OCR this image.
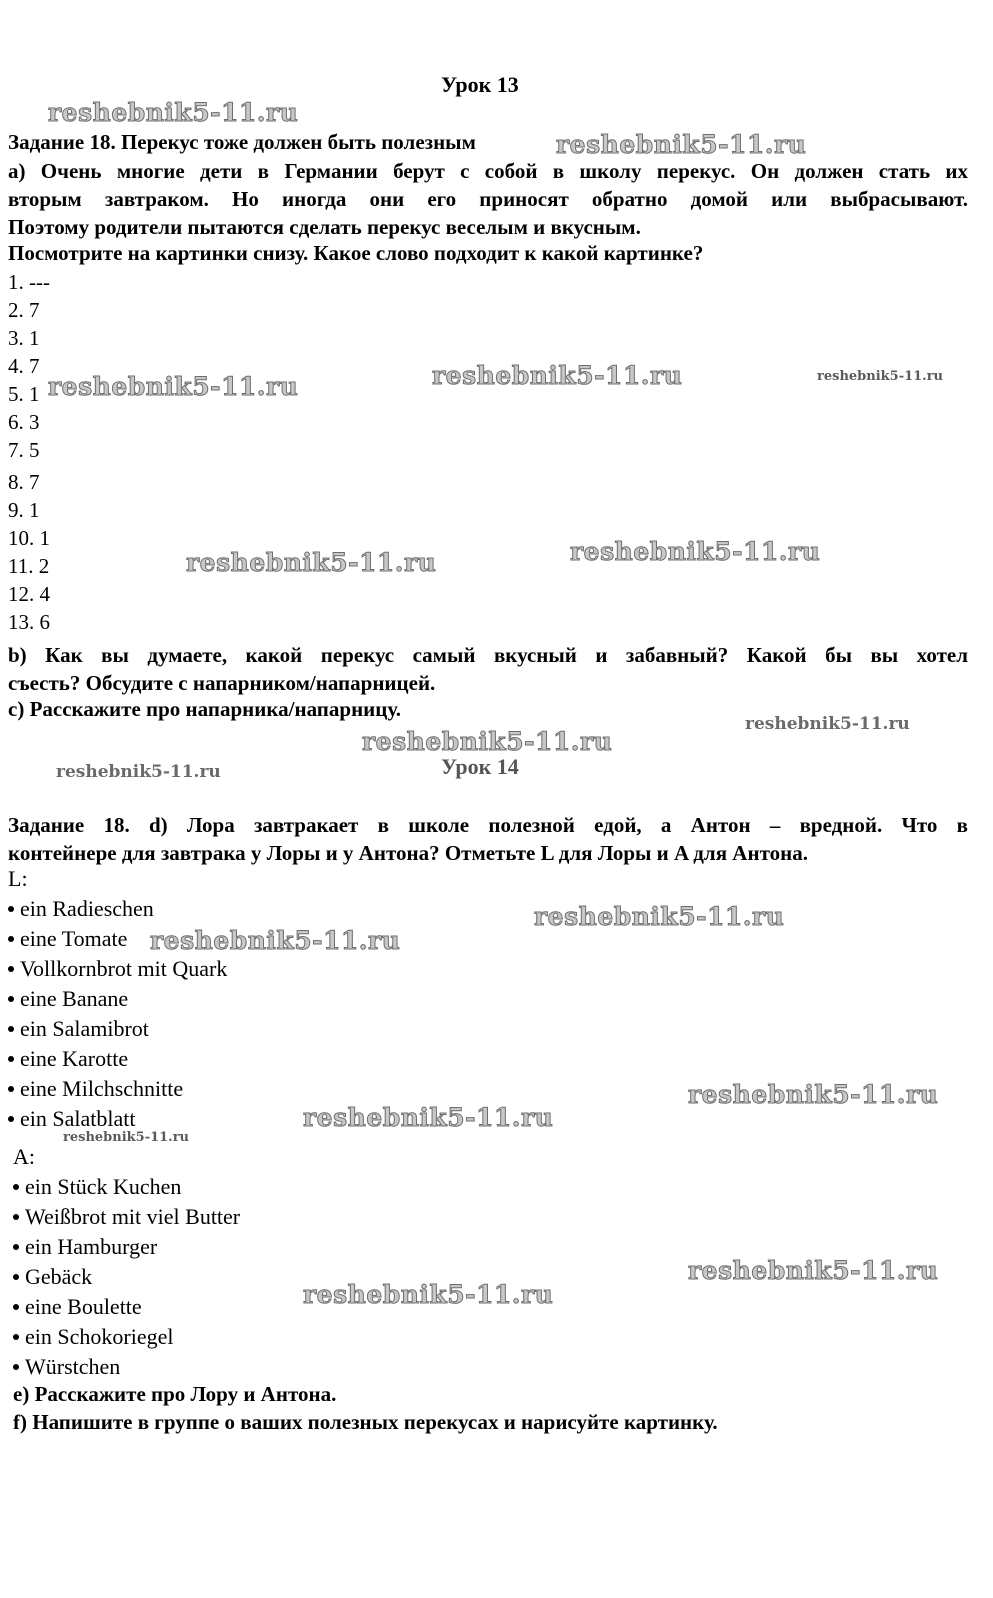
Урок 13
Задание 18. Перекус тоже должен быть полезным
а) Очень многие дети в Германии берут с собой в школу перекус. Он должен стать их
вторым завтраком. Но иногда они его приносят обратно домой или выбрасывают.
Поэтому родители пытаются сделать перекус веселым и вкусным.
Посмотрите на картинки снизу. Какое слово подходит к какой картинке?
1. ---
2. 7
3. 1
4. 7
5. 1
6. 3
7. 5
8. 7
9. 1
10. 1
11. 2
12. 4
13. 6
b) Как вы думаете, какой перекус самый вкусный и забавный? Какой бы вы хотел
съесть? Обсудите с напарником/напарницей.
с) Расскажите про напарника/напарницу.
Урок 14
Задание 18. d) Лора завтракает в школе полезной едой, а Антон – вредной. Что в
контейнере для завтрака у Лоры и у Антона? Отметьте L для Лоры и A для Антона.
L:
ein Radieschen
eine Tomate
Vollkornbrot mit Quark
eine Banane
ein Salamibrot
eine Karotte
eine Milchschnitte
ein Salatblatt
A:
ein Stück Kuchen
Weißbrot mit viel Butter
ein Hamburger
Gebäck
eine Boulette
ein Schokoriegel
Würstchen
e) Расскажите про Лору и Антона.
f) Напишите в группе о ваших полезных перекусах и нарисуйте картинку.
reshebnik5-11.ru
reshebnik5-11.ru
reshebnik5-11.ru	reshebnik5-11.ru	reshebnik5-11.ru
reshebnik5-11.ru	reshebnik5-11.ru
reshebnik5-11.ru
reshebnik5-11.ru
reshebnik5-11.ru
reshebnik5-11.ru
reshebnik5-11.ru
reshebnik5-11.ru
reshebnik5-11.ru
reshebnik5-11.ru
reshebnik5-11.ru
reshebnik5-11.ru
